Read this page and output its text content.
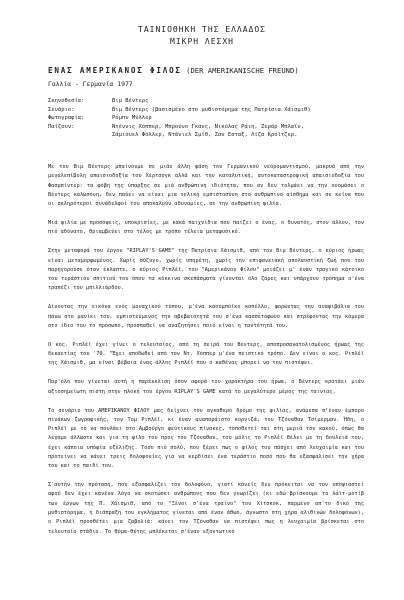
ΤΑΙΝΙΟΘΗΚΗ ΤΗΣ ΕΛΛΑΔΟΣ
ΜΙΚΡΗ ΛΕΣΧΗ
ΕΝΑΣ ΑΜΕΡΙΚΑΝΟΣ ΦΙΛΟΣ (DER AMERIKANISCHE FREUND)
Γαλλία - Γερμανία 1977
Σκηνοθεσία:	Βιμ Βέντερς
Σενάριο:	Βιμ Βέντερς (βασισμένο στο μυθιστόρημα της Πατρίσια Χάισμιθ)
Φωτογραφία:	Ρόμπυ Μύλλερ
Παίζουν:	Ντέννις Χόππερ, Μπρούνο Γκανς, Νικόλας Ράιη, Ζεράρ Μπλαίν,
Σάμιουελ Φόλλερ, Ντάνιελ Σμίθ, Ζαν Εσταξ, Λίζα Κρόϊτζερ.

Με τον Βιμ Βέντερς μπαίνουμε σε μιάν άλλη φάση του Γερμανικού νεορομαντισμού, μακρυά από την μεγαλεπίβολη απαισιοδοξία του Χέρτσογκ αλλά και την καταλυτική, αυτοκαταστροφική απαισιοδοξία του Φασμπίντερ: τα φόβη της ύπαρξης σε μιά ανθρώπινη ιδιότητα, που αν δεν τολμάει να την ονομάσει ο Βέντερς καλωσόνη, δεν παύει να είναι μια τελική εμπιστοσύνη στο ανθρώπινο αίσθημα και σε κείνα που οι σκληρότεροι συνάδελφοί του αποκαλούν αδυναμίες, σε την ανθρώπινη φιλία.

Μιά φιλία με προσόψεις, υποκρισίες, με κακά παιχνίδια που παίζει ο ένας, ο δυνατός, στον άλλον, τον πιό αδύνατο, θριαμβεύει στο τέλος με τρόπο τέλεια μεταφυσικό.

Στην μεταφορά του έργου "RIPLAY'S GAME" της Πατρίσια Χάισμιθ, από τον Βιμ Βέντερς, ο κύριος ήρωας είναι μεταμορφωμένος. Χωρίς σύζυγο, χωρίς υπηρέτη, χωρίς την επιφανειακή απολαυστική ζωή που του παρηγορούσε όταν έκλαπτε, ο κύριος Ριπλέϊ, του "Αμερικάνου Φίλου" μοιάζει μ' έναν τραγικό κάτοικο του τεράστιου σπιτιού του όπου τα κόκκινα σκεπάσματα γίνονται όλο ζάρες και υπάρχουν τρόπημα ο'ένα τραπέζι του μπιλλιάρδου.

Δίνοντας την εικόνα ενός μοναχικού τύπου, μ'ένα καουμπόϊκο καπέλλο, φορώντας την αναφιβάλια του πάνω στο μανίκι του, εμπιστεύμενος την αβεβαιότητά του σ'ένα κασσετόφωνο και στρέφοντας την κάμερα στο ίδιο του το πρόσωπο, προσπαθεί να αναζητήσει ποιό είναι η ταυτότητά του.

Ο κος. Ριπλέϊ έχει γίνει ο τελευταίος, από τη σειρά του Βεντερς, αποπροσανατολισμένος ήρωας της δεκαετίας του '70. "Έχει αποδωθεί από τον Ντ. Χόππερ μ'ένα πειστικό τρόπο. Δεν είναι ο κος. Ριπλέϊ της Χάισμιθ, μα είναι βέβαια ένας άλλος Ριπλέϊ που ο καθένας μπορεί να τον πιστέψει.

Παρ'όλο που γίνεται αυτή η παρέκκλιση όσον αφορά τον χαρακτήρα του ήρωα, ο Βέντερς κρατάει μιάν αξιοσημείωτη πίστη στην πλοκή του έργου RIPLAY'S GAME κατά το μεγαλύτερο μέρος της ταινίας.

Το σενάριο του ΑΜΕΡΙΚΑΝΟΥ ΦΙΛΟΥ μας δείχνει τον αγκαθερό δρόμο της φιλίας, ανάμεσα σ'έναν έμπορο πινάκων ζωγραφικής, τον Τομ Ριπλέϊ, κι έναν αναπαράιστο κορνιζά, τον Τζόναθαν Τσίμερμαν. Ήδη, ο Ριπλέϊ με το να πουλάει στο Αμβούργο ψεύτικους πίνακες, τοποθετεί ται στη μεριά του κακού, όπως θα λέγαμε άλλωστε και για τη φίλο του προς τον Τζόναθαν, του μόλις το Ριπλέϊ θέλει με τη δουλειά του, έχει κάποια υπόφία εξέλιξης. Τόσο πιό πολύ, που ξέρει πως ο φίλος του πάσχει από λευχαιμία και του προτείνει να κάνει τρεις δολοφονίες για να κερδίσει ένα τεράστιο ποσό που θα εξασφαλίσει την χήρα του και το παιδί του.

Σ'αυτήν την πρόταση, που εξασφαλίζει τον δολοφόνο, γιατί κανείς δεν πρόκειται να τον υποψιαστεί αφού δεν έχει κανένα λόγο να σκοτώσει ανθρώπους που δεν γνωρίζει (κι εδώ βρίσκουμε το λάϊτ-μοτίβ των έργων της Π. Χάισμιθ, από το "Ξένοι σ'ένα τραίνο" του Χίτσκοκ, παρμένο απ'το δικό της μυθιστόρημα, η διάπραξη του εγκλήματος γίνεται από έναν άθωο, άγνωστο στη χήρα αλιθινών δολοφόνων), ο Ριπλέϊ προσθέτει μια ζαβολιά: κάνει τον Τζόναθαν να πιστέψει πως η λευχαιμία βρίσκεται στο τελευταίο στάδιο. Το θύμα-θύτης μπλέκεται σ'έναν εξοντωτικό
